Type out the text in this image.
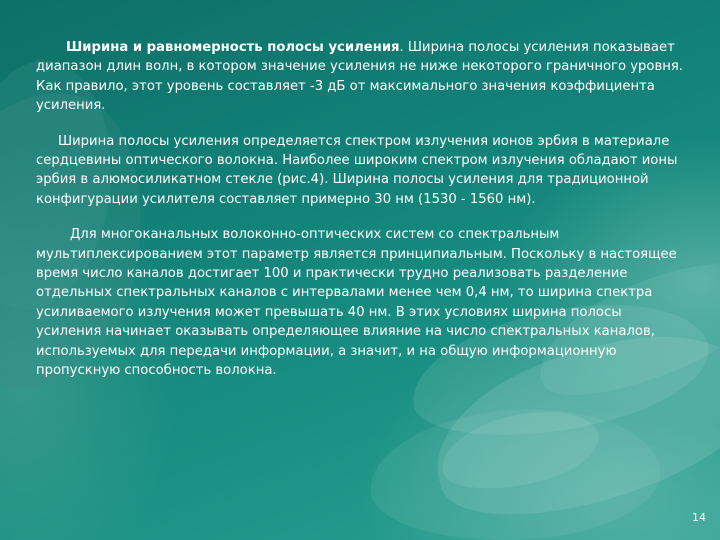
Ширина и равномерность полосы усиления. Ширина полосы усиления показывает диапазон длин волн, в котором значение усиления не ниже некоторого граничного уровня. Как правило, этот уровень составляет -3 дБ от максимального значения коэффициента усиления.

Ширина полосы усиления определяется спектром излучения ионов эрбия в материале сердцевины оптического волокна. Наиболее широким спектром излучения обладают ионы эрбия в алюмосиликатном стекле (рис.4). Ширина полосы усиления для традиционной конфигурации усилителя составляет примерно 30 нм (1530 - 1560 нм).

Для многоканальных волоконно-оптических систем со спектральным мультиплексированием этот параметр является принципиальным. Поскольку в настоящее время число каналов достигает 100 и практически трудно реализовать разделение отдельных спектральных каналов с интервалами менее чем 0,4 нм, то ширина спектра усиливаемого излучения может превышать 40 нм. В этих условиях ширина полосы усиления начинает оказывать определяющее влияние на число спектральных каналов, используемых для передачи информации, а значит, и на общую информационную пропускную способность волокна.

14
